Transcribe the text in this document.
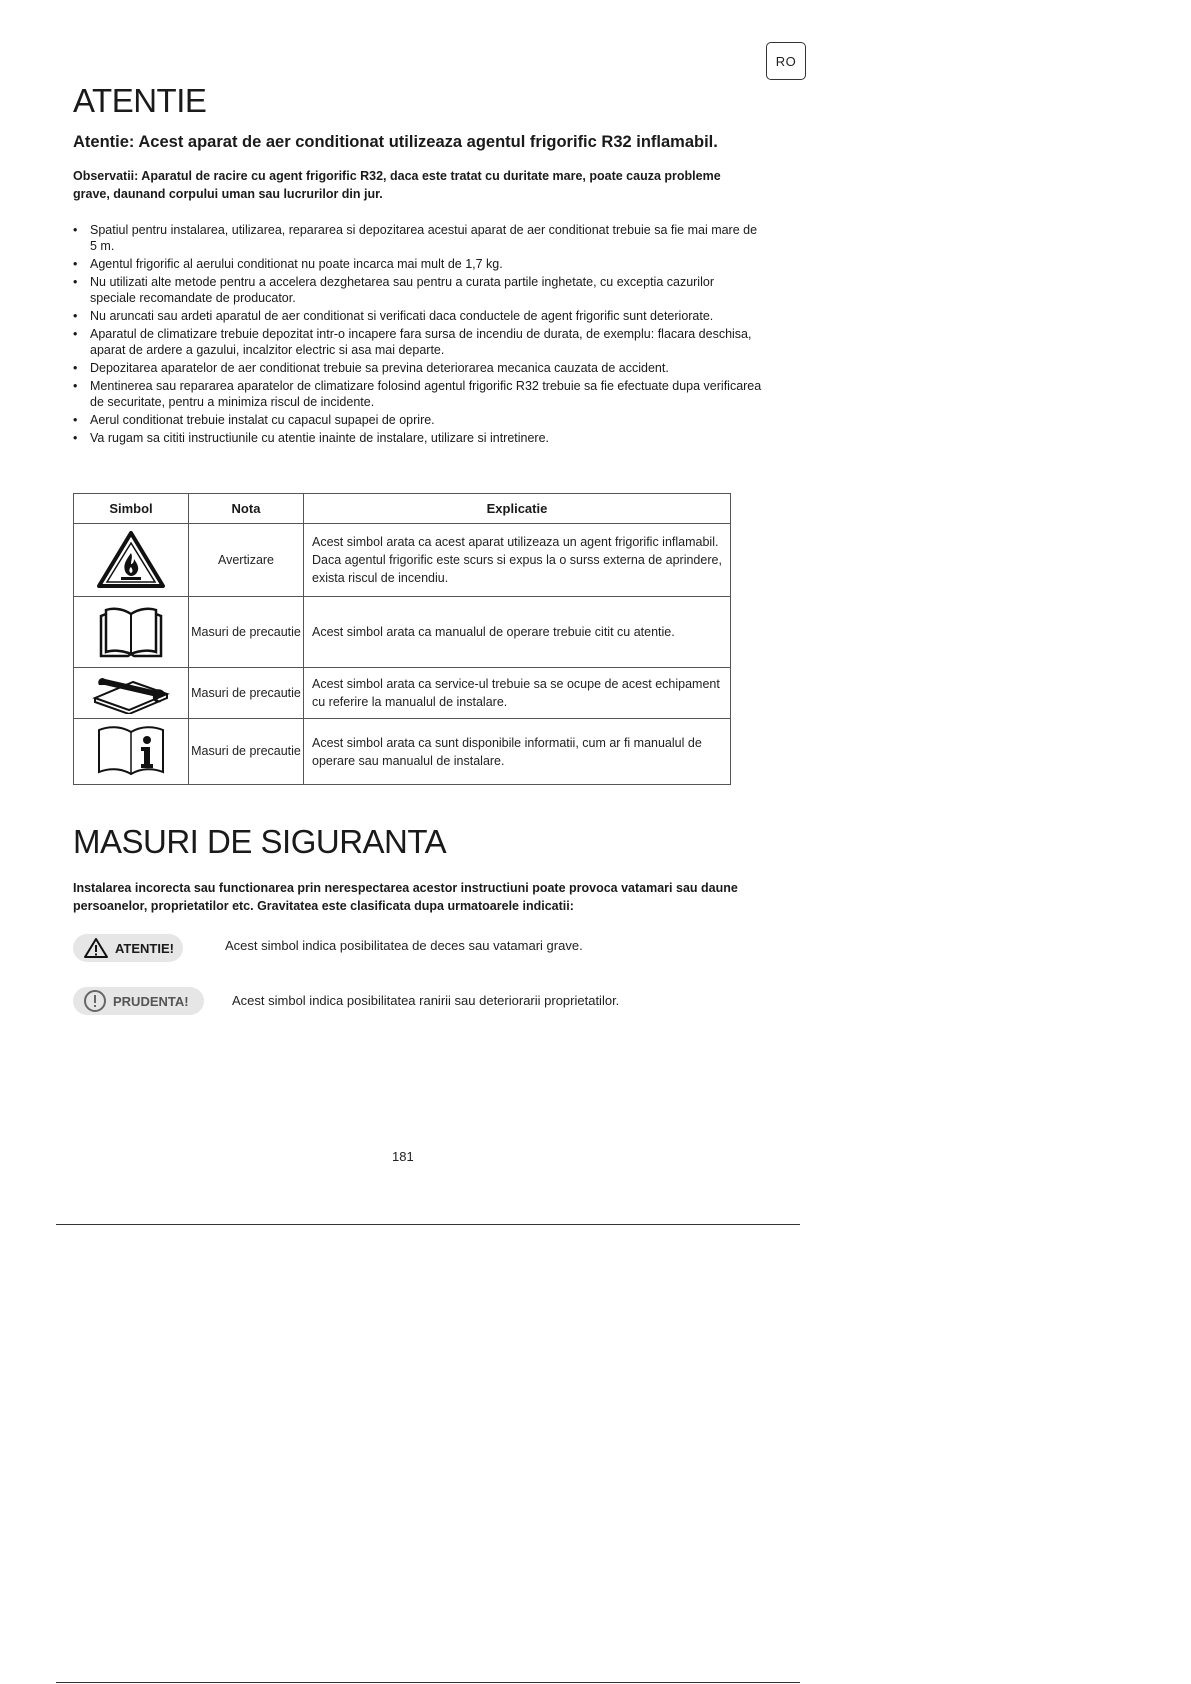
RO
ATENTIE

Atentie: Acest aparat de aer conditionat utilizeaza agentul frigorific R32 inflamabil.

Observatii: Aparatul de racire cu agent frigorific R32, daca este tratat cu duritate mare, poate cauza probleme grave, daunand corpului uman sau lucrurilor din jur.

• Spatiul pentru instalarea, utilizarea, repararea si depozitarea acestui aparat de aer conditionat trebuie sa fie mai mare de 5 m.
• Agentul frigorific al aerului conditionat nu poate incarca mai mult de 1,7 kg.
• Nu utilizati alte metode pentru a accelera dezghetarea sau pentru a curata partile inghetate, cu exceptia cazurilor speciale recomandate de producator.
• Nu aruncati sau ardeti aparatul de aer conditionat si verificati daca conductele de agent frigorific sunt deteriorate.
• Aparatul de climatizare trebuie depozitat intr-o incapere fara sursa de incendiu de durata, de exemplu: flacara deschisa, aparat de ardere a gazului, incalzitor electric si asa mai departe.
• Depozitarea aparatelor de aer conditionat trebuie sa previna deteriorarea mecanica cauzata de accident.
• Mentinerea sau repararea aparatelor de climatizare folosind agentul frigorific R32 trebuie sa fie efectuate dupa verificarea de securitate, pentru a minimiza riscul de incidente.
• Aerul conditionat trebuie instalat cu capacul supapei de oprire.
• Va rugam sa cititi instructiunile cu atentie inainte de instalare, utilizare si intretinere.
Simbol	Nota	Explicatie
	Avertizare	Acest simbol arata ca acest aparat utilizeaza un agent frigorific inflamabil. Daca agentul frigorific este scurs si expus la o surss externa de aprindere, exista riscul de incendiu.
	Masuri de precautie	Acest simbol arata ca manualul de operare trebuie citit cu atentie.
	Masuri de precautie	Acest simbol arata ca service-ul trebuie sa se ocupe de acest echipament cu referire la manualul de instalare.
	Masuri de precautie	Acest simbol arata ca sunt disponibile informatii, cum ar fi manualul de operare sau manualul de instalare.
MASURI DE SIGURANTA

Instalarea incorecta sau functionarea prin nerespectarea acestor instructiuni poate provoca vatamari sau daune persoanelor, proprietatilor etc. Gravitatea este clasificata dupa urmatoarele indicatii:

ATENTIE!	Acest simbol indica posibilitatea de deces sau vatamari grave.
PRUDENTA!	Acest simbol indica posibilitatea ranirii sau deteriorarii proprietatilor.
181
